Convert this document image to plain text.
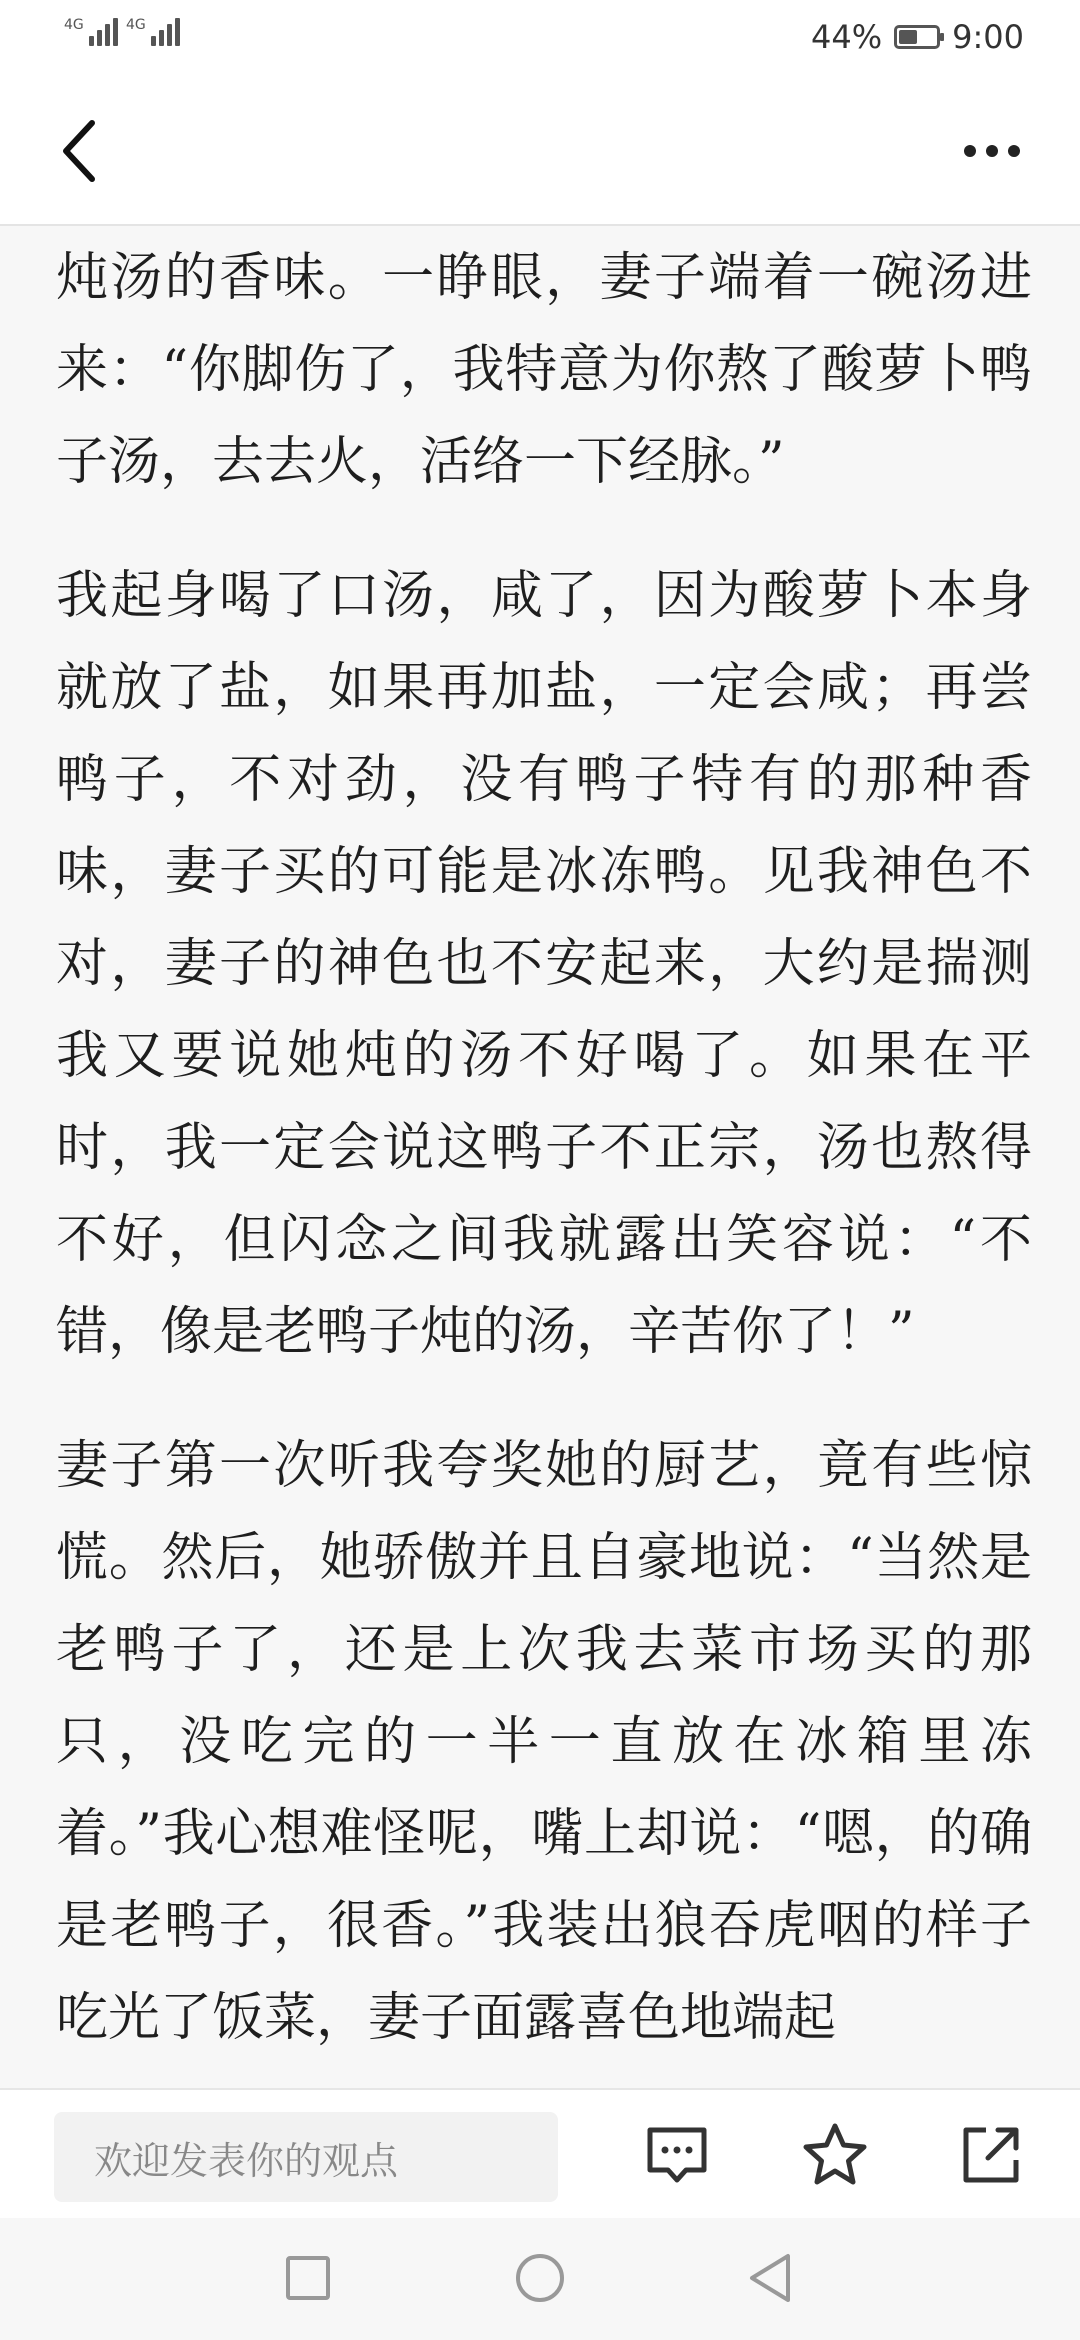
4G	4G	44% 9:00

炖汤的香味。一睁眼，妻子端着一碗汤进来：“你脚伤了，我特意为你熬了酸萝卜鸭子汤，去去火，活络一下经脉。”

我起身喝了口汤，咸了，因为酸萝卜本身就放了盐，如果再加盐，一定会咸；再尝鸭子，不对劲，没有鸭子特有的那种香味，妻子买的可能是冰冻鸭。见我神色不对，妻子的神色也不安起来，大约是揣测我又要说她炖的汤不好喝了。如果在平时，我一定会说这鸭子不正宗，汤也熬得不好，但闪念之间我就露出笑容说：“不错，像是老鸭子炖的汤，辛苦你了！”

妻子第一次听我夸奖她的厨艺，竟有些惊慌。然后，她骄傲并且自豪地说：“当然是老鸭子了，还是上次我去菜市场买的那只，没吃完的一半一直放在冰箱里冻着。”我心想难怪呢，嘴上却说：“嗯，的确是老鸭子，很香。”我装出狼吞虎咽的样子吃光了饭菜，妻子面露喜色地端起

欢迎发表你的观点
